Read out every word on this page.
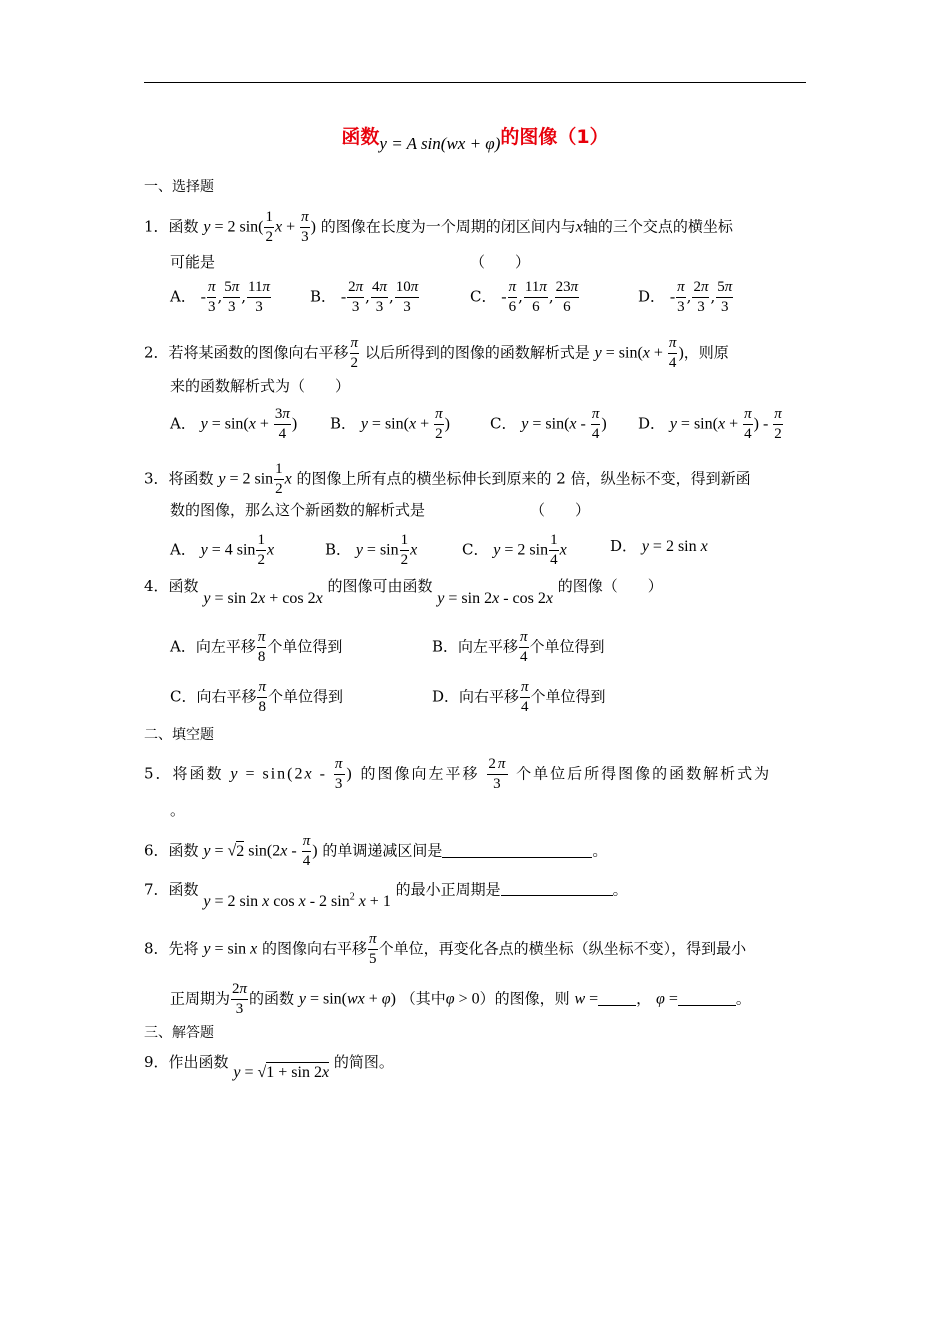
函数y = A sin(wx + φ)的图像（1）
一、选择题
1．函数 y = 2 $\sin( \frac{1}{2}$ $x + \frac{\pi}{3}$ ) 的图像在长度为一个周期的闭区间内与x轴的三个交点的横坐标
可能是	（　　）
A． - $\frac{\pi}{3}$ , $\frac{5\pi}{3}$ , $\frac{11\pi}{3}$	B． - $\frac{2\pi}{3}$ , $\frac{4\pi}{3}$ , $\frac{10\pi}{3}$	C． - $\frac{\pi}{6}$ , $\frac{11\pi}{6}$ , $\frac{23\pi}{6}$	D． - $\frac{\pi}{3}$ , $\frac{2\pi}{3}$ , $\frac{5\pi}{3}$
2．若将某函数的图像向右平移 $\frac{\pi}{2}$ 以后所得到的图像的函数解析式是 $y = \sin(x + \frac{\pi}{4}$ )，则原
来的函数解析式为（　　）
A． $y = \sin(x + \frac{3\pi}{4}$ ) B． $y = \sin(x + \frac{\pi}{2}$ )	C． $y = \sin(x - \frac{\pi}{4}$ ) D． $y = \sin(x + \frac{\pi}{4}$ ) - $\frac{\pi}{2}$
3．将函数 y = 2 $\sin \frac{1}{2}$ x 的图像上所有点的横坐标伸长到原来的 2 倍，纵坐标不变，得到新函
数的图像，那么这个新函数的解析式是	（　　）
A． y = 4 $\sin \frac{1}{2}$ x	B． $y = \sin \frac{1}{2}$ x	C． y = 2 $\sin \frac{1}{4}$ x	D． y = 2 sin x
4．函数 y = sin 2x + cos 2x 的图像可由函数 y = sin 2x - cos 2x 的图像（　　）
A．向左平移 $\frac{\pi}{8}$ 个单位得到	B．向左平移 $\frac{\pi}{4}$ 个单位得到
C．向右平移 $\frac{\pi}{8}$ 个单位得到	D．向右平移 $\frac{\pi}{4}$ 个单位得到
二、填空题
5．将函数 $y = \sin(2x - \frac{\pi}{3}$ ) 的图像向左平移 $\frac{2\pi}{3}$ 个单位后所得图像的函数解析式为
。
6．函数 y = √2 $\sin(2x - \frac{\pi}{4}$ ) 的单调递减区间是	。
7．函数 y = 2 sin x cos x - 2 $\sin^2 x + 1$ 的最小正周期是	。
8．先将 y = sin x 的图像向右平移 $\frac{\pi}{5}$ 个单位，再变化各点的横坐标（纵坐标不变），得到最小
正周期为 $\frac{2\pi}{3}$ 的函数 y = sin(wx + φ) （其中φ > 0）的图像，则 w =	， φ =	。
三、解答题
9．作出函数 y = √1 + sin 2x 的简图。
